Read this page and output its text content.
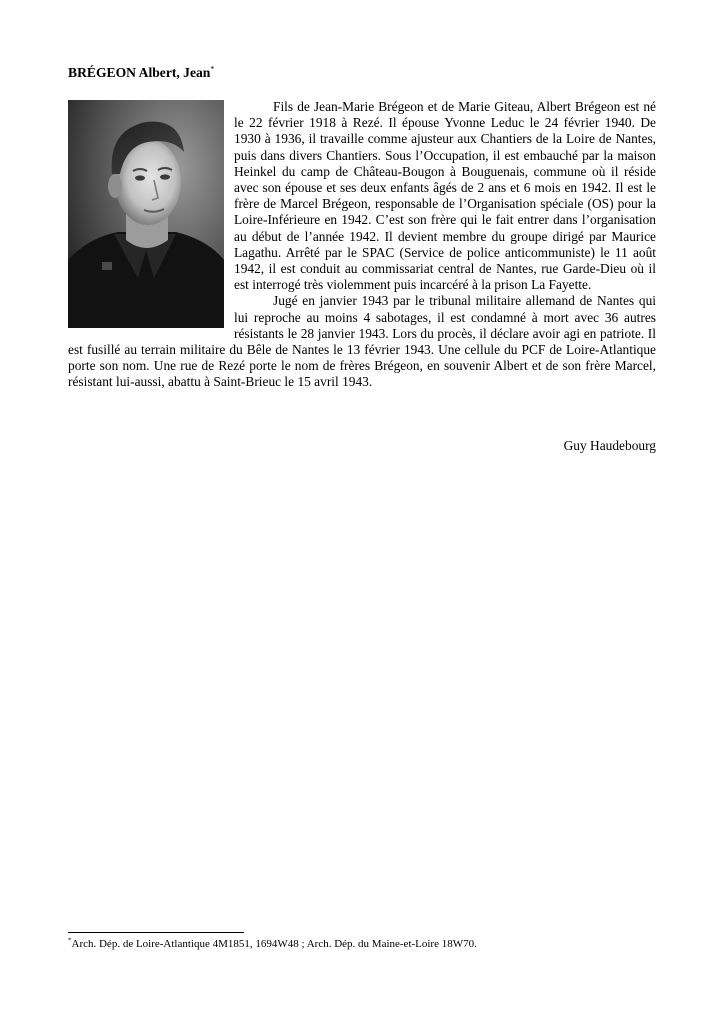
BRÉGEON Albert, Jean*

Fils de Jean-Marie Brégeon et de Marie Giteau, Albert Brégeon est né le 22 février 1918 à Rezé. Il épouse Yvonne Leduc le 24 février 1940. De 1930 à 1936, il travaille comme ajusteur aux Chantiers de la Loire de Nantes, puis dans divers Chantiers. Sous l’Occupation, il est embauché par la maison Heinkel du camp de Château-Bougon à Bouguenais, commune où il réside avec son épouse et ses deux enfants âgés de 2 ans et 6 mois en 1942. Il est le frère de Marcel Brégeon, responsable de l’Organisation spéciale (OS) pour la Loire-Inférieure en 1942. C’est son frère qui le fait entrer dans l’organisation au début de l’année 1942. Il devient membre du groupe dirigé par Maurice Lagathu. Arrêté par le SPAC (Service de police anticommuniste) le 11 août 1942, il est conduit au commissariat central de Nantes, rue Garde-Dieu où il est interrogé très violemment puis incarcéré à la prison La Fayette.

Jugé en janvier 1943 par le tribunal militaire allemand de Nantes qui lui reproche au moins 4 sabotages, il est condamné à mort avec 36 autres résistants le 28 janvier 1943. Lors du procès, il déclare avoir agi en patriote. Il est fusillé au terrain militaire du Bêle de Nantes le 13 février 1943. Une cellule du PCF de Loire-Atlantique porte son nom. Une rue de Rezé porte le nom de frères Brégeon, en souvenir Albert et de son frère Marcel, résistant lui-aussi, abattu à Saint-Brieuc le 15 avril 1943.

Guy Haudebourg
*Arch. Dép. de Loire-Atlantique 4M1851, 1694W48 ; Arch. Dép. du Maine-et-Loire 18W70.
